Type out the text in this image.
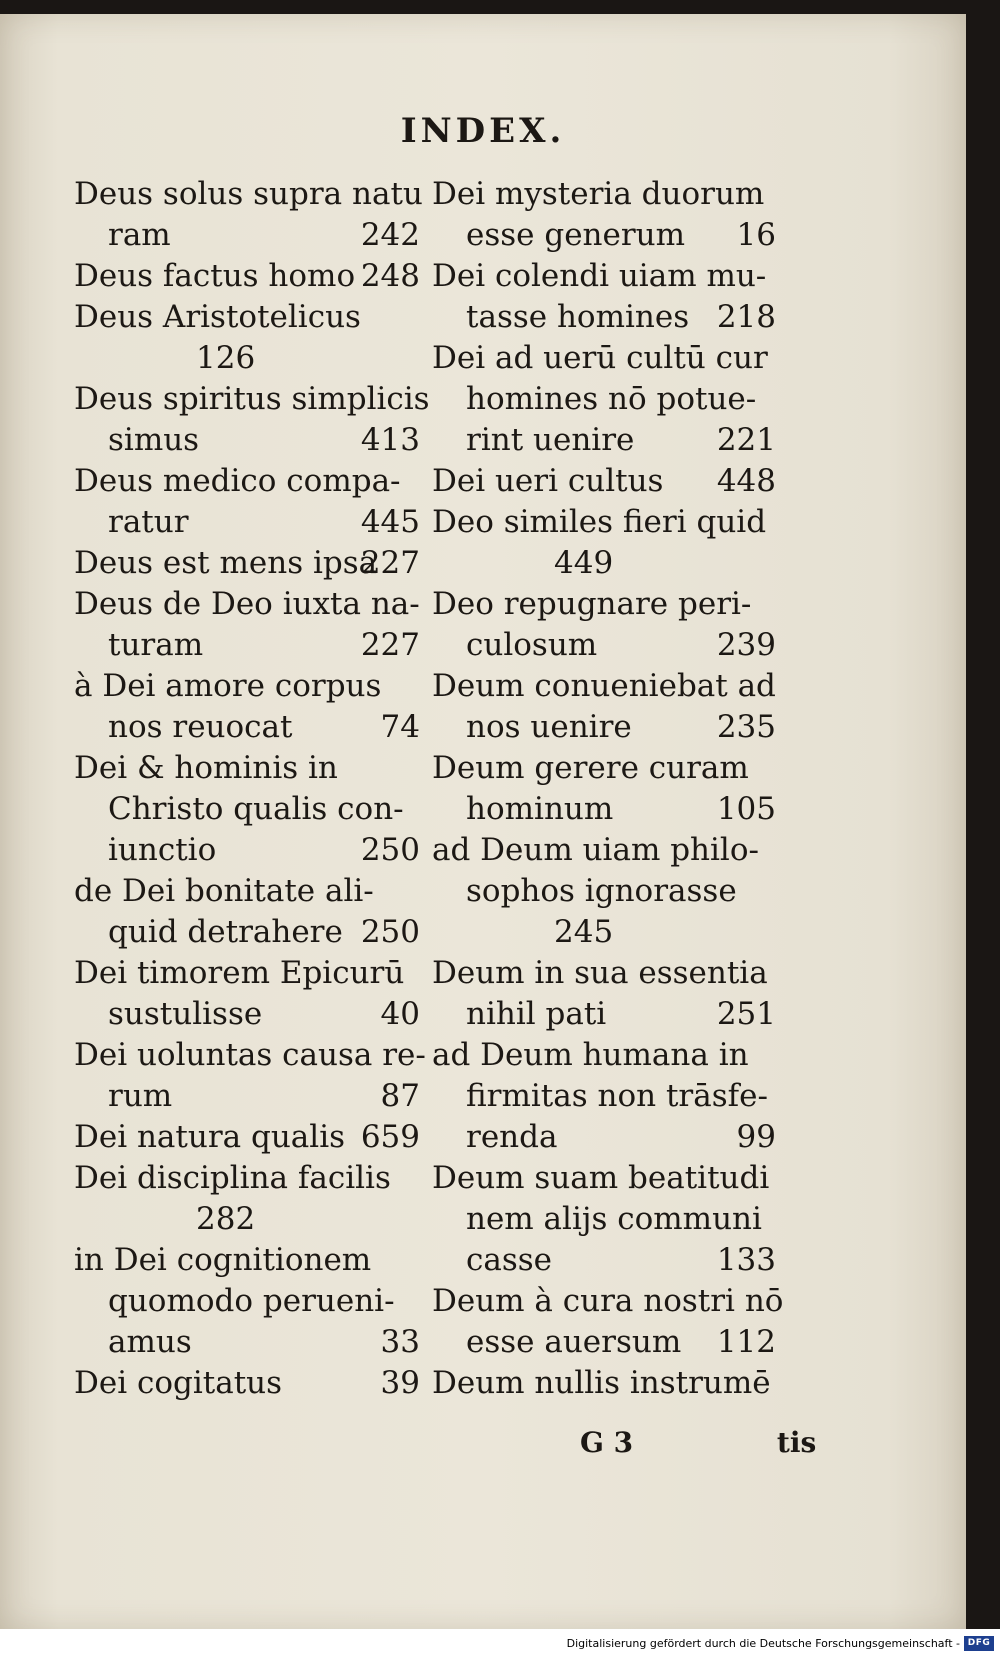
INDEX.
Deus solus supra natu
ram	242
Deus factus homo 248
Deus Aristotelicus
126
Deus spiritus simplicis
simus	413
Deus medico compa-
ratur	445
Deus est mens ipsa
227
Deus de Deo iuxta na-
turam	227
à Dei amore corpus
nos reuocat	74
Dei & hominis in
Christo qualis con-
iunctio	250
de Dei bonitate ali-
quid detrahere 250
Dei timorem Epicurū
sustulisse	40
Dei uoluntas causa re-
rum	87
Dei natura qualis 659
Dei disciplina facilis
282
in Dei cognitionem
quomodo perueni-
amus	33
Dei cogitatus	39
Dei mysteria duorum
esse generum 16
Dei colendi uiam mu-
tasse homines 218
Dei ad uerū cultū cur
homines nō potue-
rint uenire	221
Dei ueri cultus 448
Deo similes fieri quid
449
Deo repugnare peri-
culosum	239
Deum conueniebat ad
nos uenire	235
Deum gerere curam
hominum	105
ad Deum uiam philo-
sophos ignorasse
245
Deum in sua essentia
nihil pati	251
ad Deum humana in
firmitas non trāsfe-
renda	99
Deum suam beatitudi
nem alijs communi
casse	133
Deum à cura nostri nō
esse auersum 112
Deum nullis instrumē
G 3	tis
Digitalisierung gefördert durch die Deutsche Forschungsgemeinschaft - DFG
